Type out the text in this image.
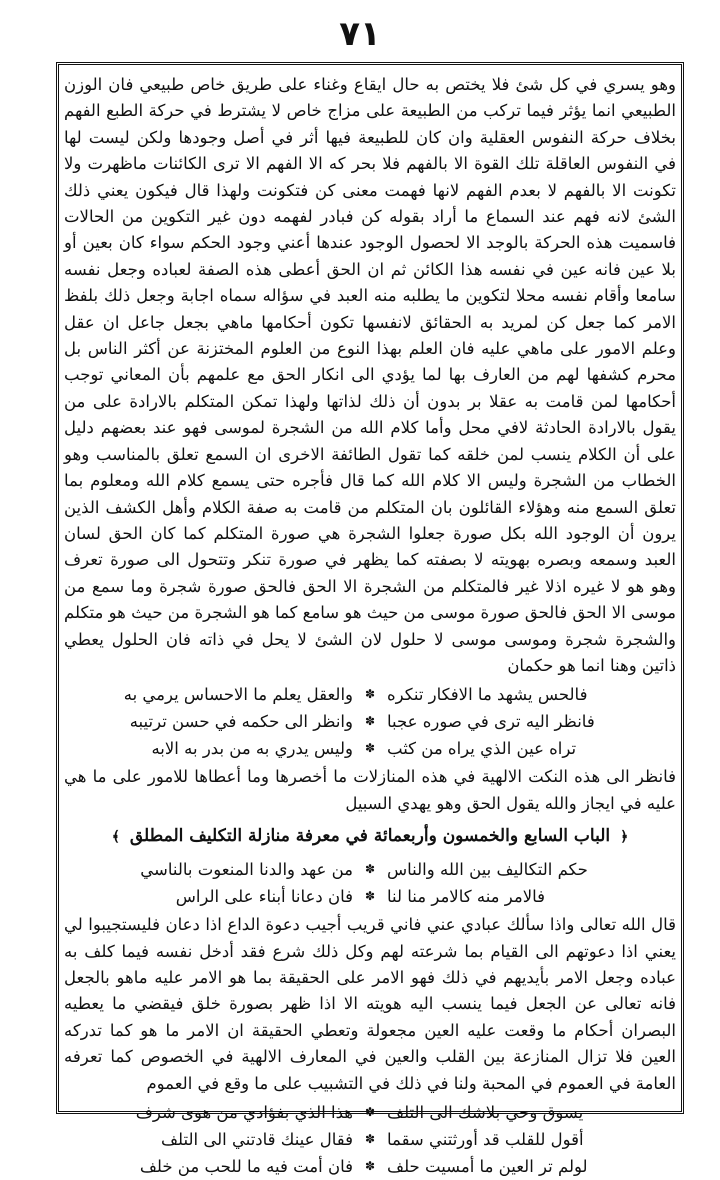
٧١

وهو يسري في كل شئ فلا يختص به حال ايقاع وغناء على طريق خاص طبيعي فان الوزن الطبيعي انما يؤثر فيما تركب من الطبيعة على مزاج خاص لا يشترط في حركة الطبع الفهم بخلاف حركة النفوس العقلية وان كان للطبيعة فيها أثر في أصل وجودها ولكن ليست لها في النفوس العاقلة تلك القوة الا بالفهم فلا بحر كه الا الفهم الا ترى الكائنات ماظهرت ولا تكونت الا بالفهم لا بعدم الفهم لانها فهمت معنى كن فتكونت ولهذا قال فيكون يعني ذلك الشئ لانه فهم عند السماع ما أراد بقوله كن فبادر لفهمه دون غير التكوين من الحالات فاسميت هذه الحركة بالوجد الا لحصول الوجود عندها أعني وجود الحكم سواء كان بعين أو بلا عين فانه عين في نفسه هذا الكائن ثم ان الحق أعطى هذه الصفة لعباده وجعل نفسه سامعا وأقام نفسه محلا لتكوين ما يطلبه منه العبد في سؤاله سماه اجابة وجعل ذلك بلفظ الامر كما جعل كن لمريد به الحقائق لانفسها تكون أحكامها ماهي بجعل جاعل ان عقل وعلم الامور على ماهي عليه فان العلم بهذا النوع من العلوم المختزنة عن أكثر الناس بل محرم كشفها لهم من العارف بها لما يؤدي الى انكار الحق مع علمهم بأن المعاني توجب أحكامها لمن قامت به عقلا بر بدون أن ذلك لذاتها ولهذا تمكن المتكلم بالارادة على من يقول بالارادة الحادثة لافي محل وأما كلام الله من الشجرة لموسى فهو عند بعضهم دليل على أن الكلام ينسب لمن خلقه كما تقول الطائفة الاخرى ان السمع تعلق بالمناسب وهو الخطاب من الشجرة وليس الا كلام الله كما قال فأجره حتى يسمع كلام الله ومعلوم بما تعلق السمع منه وهؤلاء القائلون بان المتكلم من قامت به صفة الكلام وأهل الكشف الذين يرون أن الوجود الله بكل صورة جعلوا الشجرة هي صورة المتكلم كما كان الحق لسان العبد وسمعه وبصره بهويته لا بصفته كما يظهر في صورة تنكر وتتحول الى صورة تعرف وهو هو لا غيره اذلا غير فالمتكلم من الشجرة الا الحق فالحق صورة شجرة وما سمع من موسى الا الحق فالحق صورة موسى من حيث هو سامع كما هو الشجرة من حيث هو متكلم والشجرة شجرة وموسى موسى لا حلول لان الشئ لا يحل في ذاته فان الحلول يعطي ذاتين وهنا انما هو حكمان

فالحس يشهد ما الافكار تنكره
✽
والعقل يعلم ما الاحساس يرمي به
فانظر اليه ترى في صوره عجبا
✽
وانظر الى حكمه في حسن ترتيبه
تراه عين الذي يراه من كثب
✽
وليس يدري به من بدر به الابه

فانظر الى هذه النكت الالهية في هذه المنازلات ما أخصرها وما أعطاها للامور على ما هي عليه في ايجاز والله يقول الحق وهو يهدي السبيل

﴿ الباب السابع والخمسون وأربعمائة في معرفة منازلة التكليف المطلق ﴾
حكم التكاليف بين الله والناس
✽
من عهد والدنا المنعوت بالناسي
فالامر منه كالامر منا لنا
✽
فان دعانا أبناء على الراس

قال الله تعالى واذا سألك عبادي عني فاني قريب أجيب دعوة الداع اذا دعان فليستجيبوا لي يعني اذا دعوتهم الى القيام بما شرعته لهم وكل ذلك شرع فقد أدخل نفسه فيما كلف به عباده وجعل الامر بأيديهم في ذلك فهو الامر على الحقيقة بما هو الامر عليه ماهو بالجعل فانه تعالى عن الجعل فيما ينسب اليه هويته الا اذا ظهر بصورة خلق فيقضي ما يعطيه البصران أحكام ما وقعت عليه العين مجعولة وتعطي الحقيقة ان الامر ما هو كما تدركه العين فلا تزال المنازعة بين القلب والعين في المعارف الالهية في الخصوص كما تعرفه العامة في العموم في المحبة ولنا في ذلك في التشبيب على ما وقع في العموم

يسوق وحي بلاشك الى التلف
✽
هذا الذي بفؤادي من هوى شرف
أقول للقلب قد أورثتني سقما
✽
فقال عينك قادتني الى التلف
لولم تر العين ما أمسيت حلف
✽
فان أمت فيه ما للحب من خلف
